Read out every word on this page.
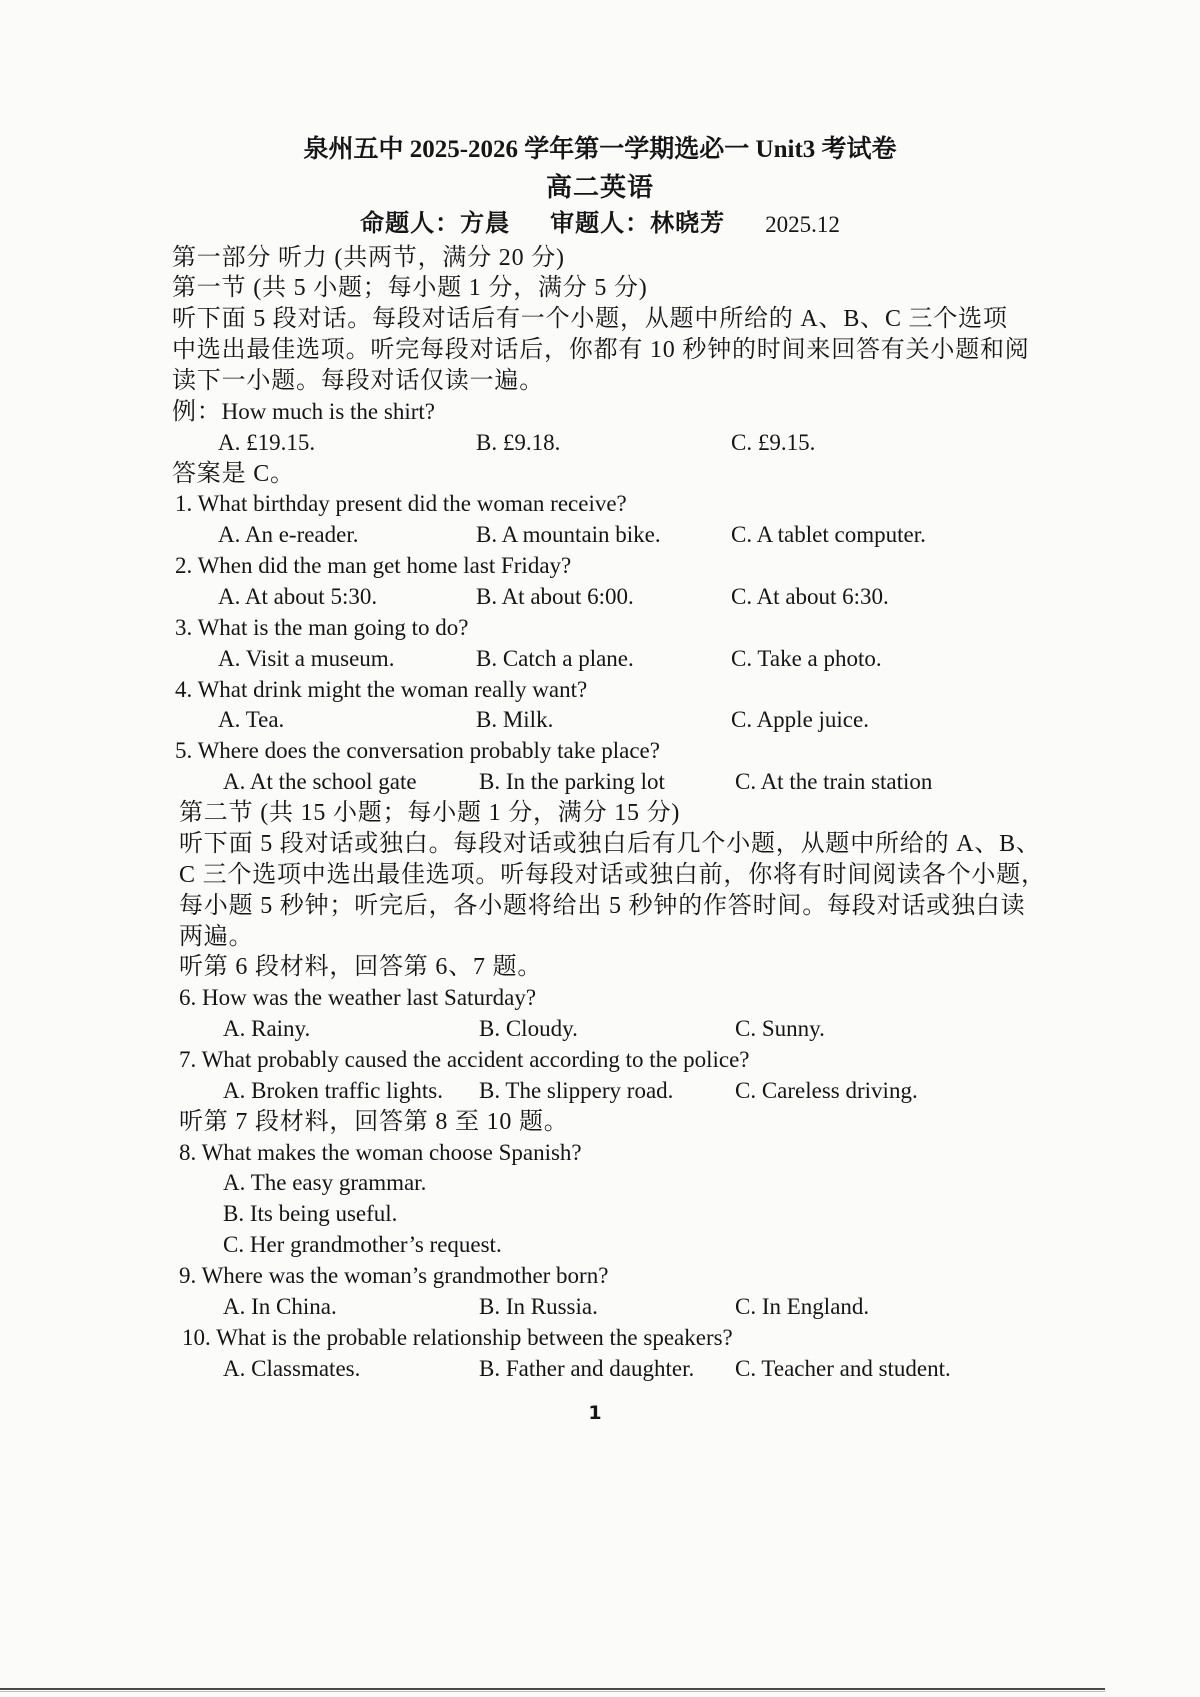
泉州五中 2025-2026 学年第一学期选必一 Unit3 考试卷
高二英语
命题人：方晨 审题人：林晓芳 2025.12
第一部分 听力 (共两节，满分 20 分)
第一节 (共 5 小题；每小题 1 分，满分 5 分)
听下面 5 段对话。每段对话后有一个小题，从题中所给的 A、B、C 三个选项
中选出最佳选项。听完每段对话后，你都有 10 秒钟的时间来回答有关小题和阅
读下一小题。每段对话仅读一遍。
例：How much is the shirt?
A. £19.15.	B. £9.18.	C. £9.15.
答案是 C。
1. What birthday present did the woman receive?
A. An e-reader.	B. A mountain bike.	C. A tablet computer.
2. When did the man get home last Friday?
A. At about 5:30.	B. At about 6:00.	C. At about 6:30.
3. What is the man going to do?
A. Visit a museum.	B. Catch a plane.	C. Take a photo.
4. What drink might the woman really want?
A. Tea.	B. Milk.	C. Apple juice.
5. Where does the conversation probably take place?
A. At the school gate	B. In the parking lot	C. At the train station
第二节 (共 15 小题；每小题 1 分，满分 15 分)
听下面 5 段对话或独白。每段对话或独白后有几个小题，从题中所给的 A、B、
C 三个选项中选出最佳选项。听每段对话或独白前，你将有时间阅读各个小题，
每小题 5 秒钟；听完后，各小题将给出 5 秒钟的作答时间。每段对话或独白读
两遍。
听第 6 段材料，回答第 6、7 题。
6. How was the weather last Saturday?
A. Rainy.	B. Cloudy.	C. Sunny.
7. What probably caused the accident according to the police?
A. Broken traffic lights. B. The slippery road.	C. Careless driving.
听第 7 段材料，回答第 8 至 10 题。
8. What makes the woman choose Spanish?
A. The easy grammar.
B. Its being useful.
C. Her grandmother’s request.
9. Where was the woman’s grandmother born?
A. In China.	B. In Russia.	C. In England.
10. What is the probable relationship between the speakers?
A. Classmates.	B. Father and daughter. C. Teacher and student.
1
